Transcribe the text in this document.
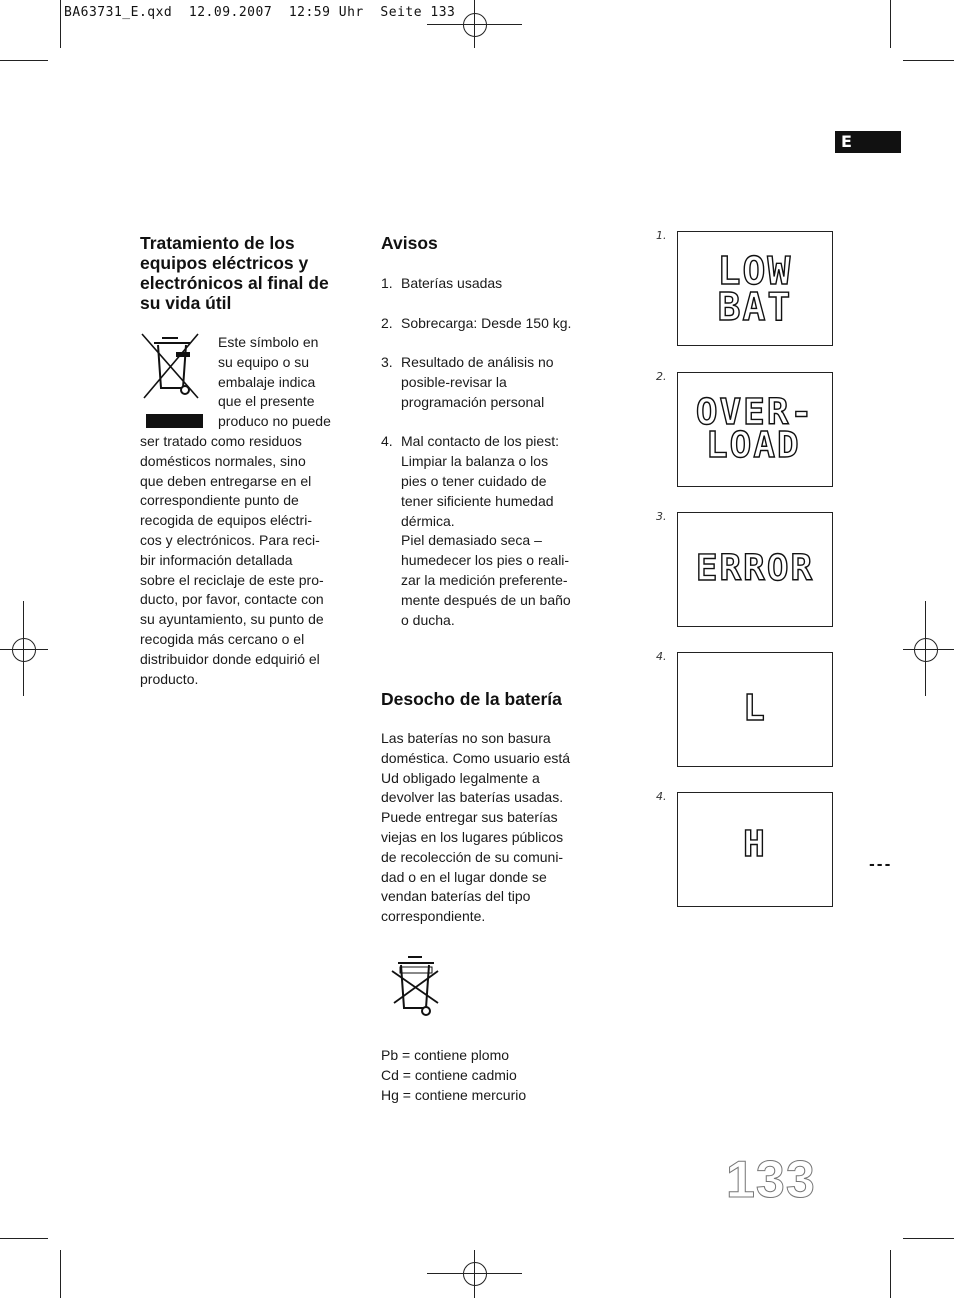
BA63731_E.qxd  12.09.2007  12:59 Uhr  Seite 133
E
Tratamiento de los equipos eléctricos y electrónicos al final de su vida útil
Este símbolo en
su equipo o su
embalaje indica
que el presente
produco no puede
ser tratado como residuos
domésticos normales, sino
que deben entregarse en el
correspondiente punto de
recogida de equipos eléctri-
cos y electrónicos. Para reci-
bir información detallada
sobre el reciclaje de este pro-
ducto, por favor, contacte con
su ayuntamiento, su punto de
recogida más cercano o el
distribuidor donde edquirió el
producto.
Avisos
1. Baterías usadas
2. Sobrecarga: Desde 150 kg.
3. Resultado de análisis no
posible-revisar la
programación personal
4. Mal contacto de los piest:
Limpiar la balanza o los
pies o tener cuidado de
tener sificiente humedad
dérmica.
Piel demasiado seca –
humedecer los pies o reali-
zar la medición preferente-
mente después de un baño
o ducha.
Desocho de la batería
Las baterías no son basura
doméstica. Como usuario está
Ud obligado legalmente a
devolver las baterías usadas.
Puede entregar sus baterías
viejas en los lugares públicos
de recolección de su comuni-
dad o en el lugar donde se
vendan baterías del tipo
correspondiente.
Pb = contiene plomo
Cd = contiene cadmio
Hg = contiene mercurio
1.
LOW
BAT
2.
OVER-
LOAD
3.
ERROR
4.
L
4.
H	---
133
